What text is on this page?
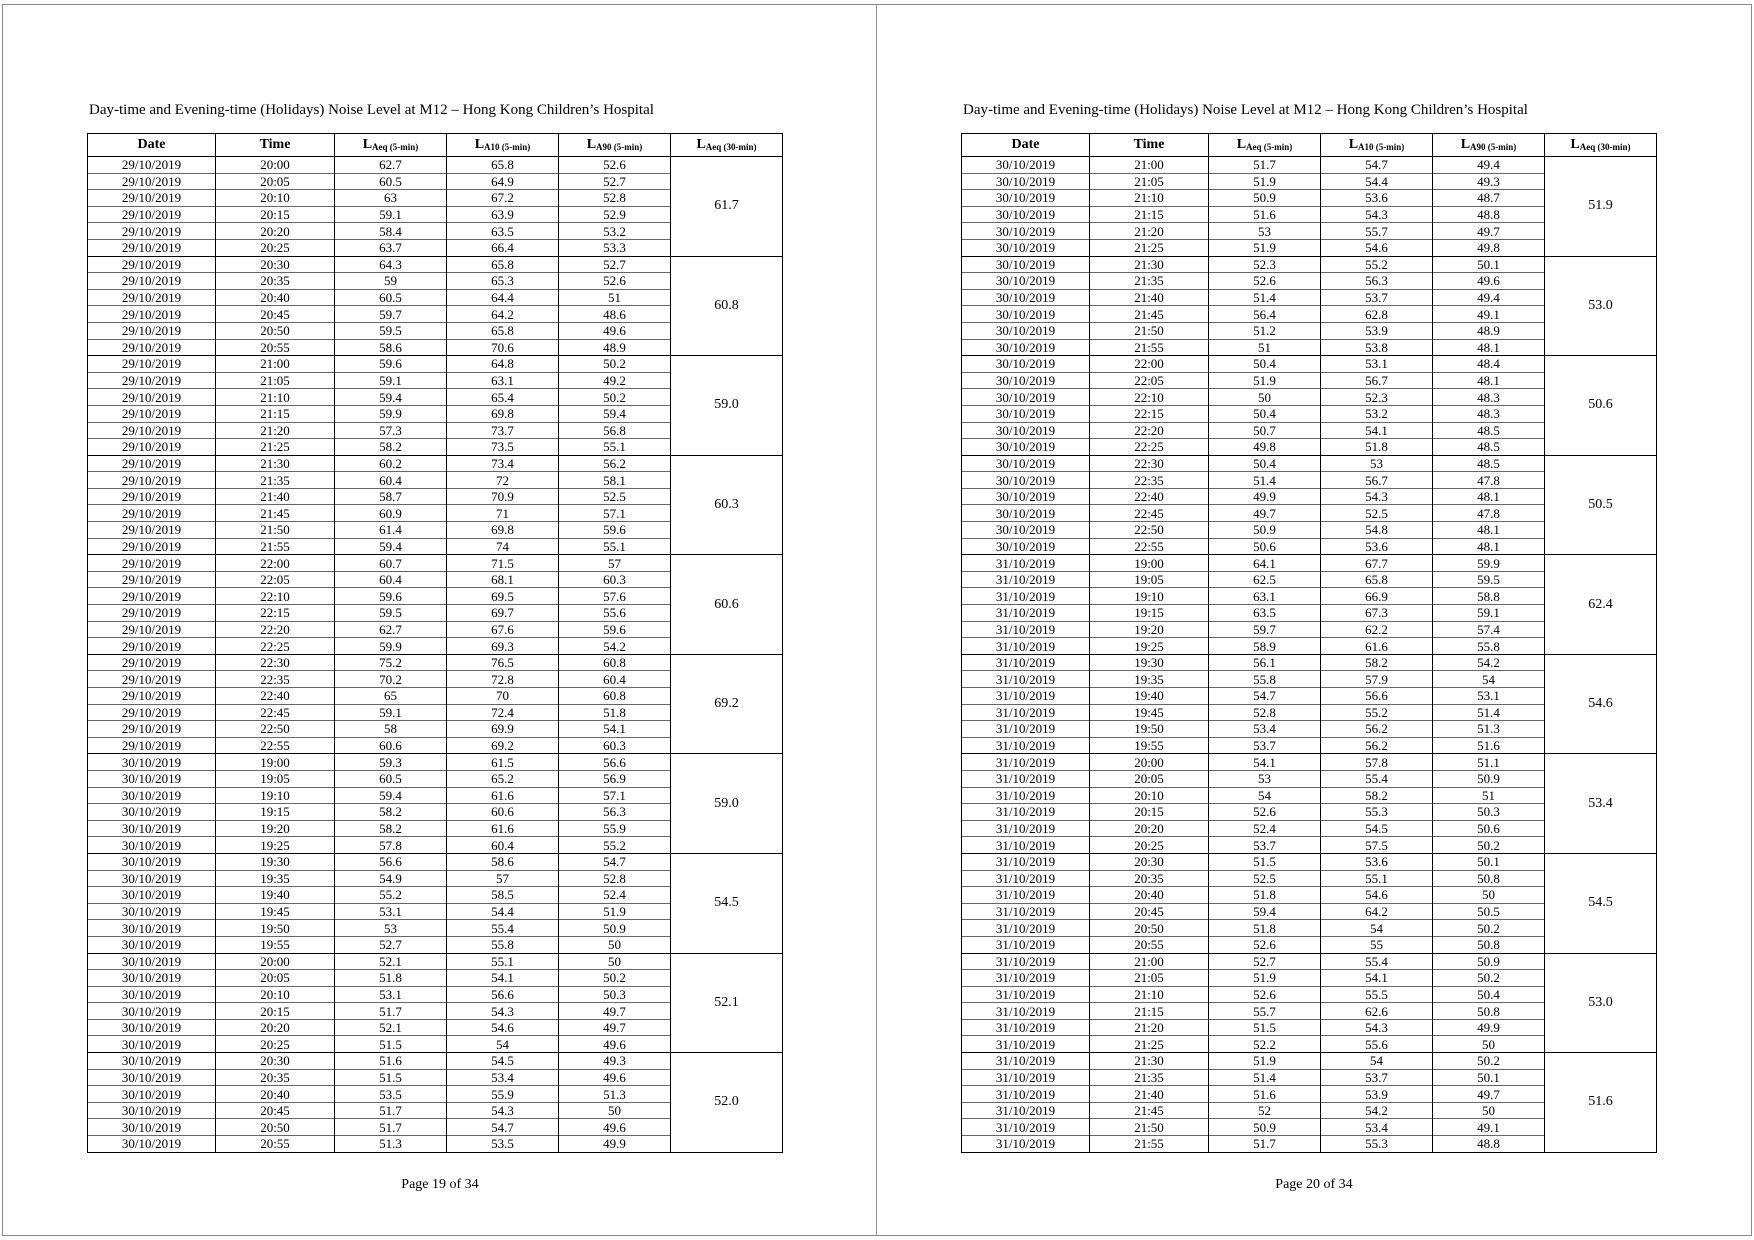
Day-time and Evening-time (Holidays) Noise Level at M12 – Hong Kong Children’s Hospital
Date	Time	$L_{Aeq (5-min)}$	$L_{A10 (5-min)}$	$L_{A90 (5-min)}$	$L_{Aeq (30-min)}$
29/10/2019	20:00	62.7	65.8	52.6	61.7
29/10/2019	20:05	60.5	64.9	52.7	
29/10/2019	20:10	63	67.2	52.8	
29/10/2019	20:15	59.1	63.9	52.9	
29/10/2019	20:20	58.4	63.5	53.2	
29/10/2019	20:25	63.7	66.4	53.3	
29/10/2019	20:30	64.3	65.8	52.7	60.8
29/10/2019	20:35	59	65.3	52.6	
29/10/2019	20:40	60.5	64.4	51	
29/10/2019	20:45	59.7	64.2	48.6	
29/10/2019	20:50	59.5	65.8	49.6	
29/10/2019	20:55	58.6	70.6	48.9	
29/10/2019	21:00	59.6	64.8	50.2	59.0
29/10/2019	21:05	59.1	63.1	49.2	
29/10/2019	21:10	59.4	65.4	50.2	
29/10/2019	21:15	59.9	69.8	59.4	
29/10/2019	21:20	57.3	73.7	56.8	
29/10/2019	21:25	58.2	73.5	55.1	
29/10/2019	21:30	60.2	73.4	56.2	60.3
29/10/2019	21:35	60.4	72	58.1	
29/10/2019	21:40	58.7	70.9	52.5	
29/10/2019	21:45	60.9	71	57.1	
29/10/2019	21:50	61.4	69.8	59.6	
29/10/2019	21:55	59.4	74	55.1	
29/10/2019	22:00	60.7	71.5	57	60.6
29/10/2019	22:05	60.4	68.1	60.3	
29/10/2019	22:10	59.6	69.5	57.6	
29/10/2019	22:15	59.5	69.7	55.6	
29/10/2019	22:20	62.7	67.6	59.6	
29/10/2019	22:25	59.9	69.3	54.2	
29/10/2019	22:30	75.2	76.5	60.8	69.2
29/10/2019	22:35	70.2	72.8	60.4	
29/10/2019	22:40	65	70	60.8	
29/10/2019	22:45	59.1	72.4	51.8	
29/10/2019	22:50	58	69.9	54.1	
29/10/2019	22:55	60.6	69.2	60.3	
30/10/2019	19:00	59.3	61.5	56.6	59.0
30/10/2019	19:05	60.5	65.2	56.9	
30/10/2019	19:10	59.4	61.6	57.1	
30/10/2019	19:15	58.2	60.6	56.3	
30/10/2019	19:20	58.2	61.6	55.9	
30/10/2019	19:25	57.8	60.4	55.2	
30/10/2019	19:30	56.6	58.6	54.7	54.5
30/10/2019	19:35	54.9	57	52.8	
30/10/2019	19:40	55.2	58.5	52.4	
30/10/2019	19:45	53.1	54.4	51.9	
30/10/2019	19:50	53	55.4	50.9	
30/10/2019	19:55	52.7	55.8	50	
30/10/2019	20:00	52.1	55.1	50	52.1
30/10/2019	20:05	51.8	54.1	50.2	
30/10/2019	20:10	53.1	56.6	50.3	
30/10/2019	20:15	51.7	54.3	49.7	
30/10/2019	20:20	52.1	54.6	49.7	
30/10/2019	20:25	51.5	54	49.6	
30/10/2019	20:30	51.6	54.5	49.3	52.0
30/10/2019	20:35	51.5	53.4	49.6	
30/10/2019	20:40	53.5	55.9	51.3	
30/10/2019	20:45	51.7	54.3	50	
30/10/2019	20:50	51.7	54.7	49.6	
30/10/2019	20:55	51.3	53.5	49.9	
Page 19 of 34
Day-time and Evening-time (Holidays) Noise Level at M12 – Hong Kong Children’s Hospital
Date	Time	$L_{Aeq (5-min)}$	$L_{A10 (5-min)}$	$L_{A90 (5-min)}$	$L_{Aeq (30-min)}$
30/10/2019	21:00	51.7	54.7	49.4	51.9
30/10/2019	21:05	51.9	54.4	49.3	
30/10/2019	21:10	50.9	53.6	48.7	
30/10/2019	21:15	51.6	54.3	48.8	
30/10/2019	21:20	53	55.7	49.7	
30/10/2019	21:25	51.9	54.6	49.8	
30/10/2019	21:30	52.3	55.2	50.1	53.0
30/10/2019	21:35	52.6	56.3	49.6	
30/10/2019	21:40	51.4	53.7	49.4	
30/10/2019	21:45	56.4	62.8	49.1	
30/10/2019	21:50	51.2	53.9	48.9	
30/10/2019	21:55	51	53.8	48.1	
30/10/2019	22:00	50.4	53.1	48.4	50.6
30/10/2019	22:05	51.9	56.7	48.1	
30/10/2019	22:10	50	52.3	48.3	
30/10/2019	22:15	50.4	53.2	48.3	
30/10/2019	22:20	50.7	54.1	48.5	
30/10/2019	22:25	49.8	51.8	48.5	
30/10/2019	22:30	50.4	53	48.5	50.5
30/10/2019	22:35	51.4	56.7	47.8	
30/10/2019	22:40	49.9	54.3	48.1	
30/10/2019	22:45	49.7	52.5	47.8	
30/10/2019	22:50	50.9	54.8	48.1	
30/10/2019	22:55	50.6	53.6	48.1	
31/10/2019	19:00	64.1	67.7	59.9	62.4
31/10/2019	19:05	62.5	65.8	59.5	
31/10/2019	19:10	63.1	66.9	58.8	
31/10/2019	19:15	63.5	67.3	59.1	
31/10/2019	19:20	59.7	62.2	57.4	
31/10/2019	19:25	58.9	61.6	55.8	
31/10/2019	19:30	56.1	58.2	54.2	54.6
31/10/2019	19:35	55.8	57.9	54	
31/10/2019	19:40	54.7	56.6	53.1	
31/10/2019	19:45	52.8	55.2	51.4	
31/10/2019	19:50	53.4	56.2	51.3	
31/10/2019	19:55	53.7	56.2	51.6	
31/10/2019	20:00	54.1	57.8	51.1	53.4
31/10/2019	20:05	53	55.4	50.9	
31/10/2019	20:10	54	58.2	51	
31/10/2019	20:15	52.6	55.3	50.3	
31/10/2019	20:20	52.4	54.5	50.6	
31/10/2019	20:25	53.7	57.5	50.2	
31/10/2019	20:30	51.5	53.6	50.1	54.5
31/10/2019	20:35	52.5	55.1	50.8	
31/10/2019	20:40	51.8	54.6	50	
31/10/2019	20:45	59.4	64.2	50.5	
31/10/2019	20:50	51.8	54	50.2	
31/10/2019	20:55	52.6	55	50.8	
31/10/2019	21:00	52.7	55.4	50.9	53.0
31/10/2019	21:05	51.9	54.1	50.2	
31/10/2019	21:10	52.6	55.5	50.4	
31/10/2019	21:15	55.7	62.6	50.8	
31/10/2019	21:20	51.5	54.3	49.9	
31/10/2019	21:25	52.2	55.6	50	
31/10/2019	21:30	51.9	54	50.2	51.6
31/10/2019	21:35	51.4	53.7	50.1	
31/10/2019	21:40	51.6	53.9	49.7	
31/10/2019	21:45	52	54.2	50	
31/10/2019	21:50	50.9	53.4	49.1	
31/10/2019	21:55	51.7	55.3	48.8	
Page 20 of 34
